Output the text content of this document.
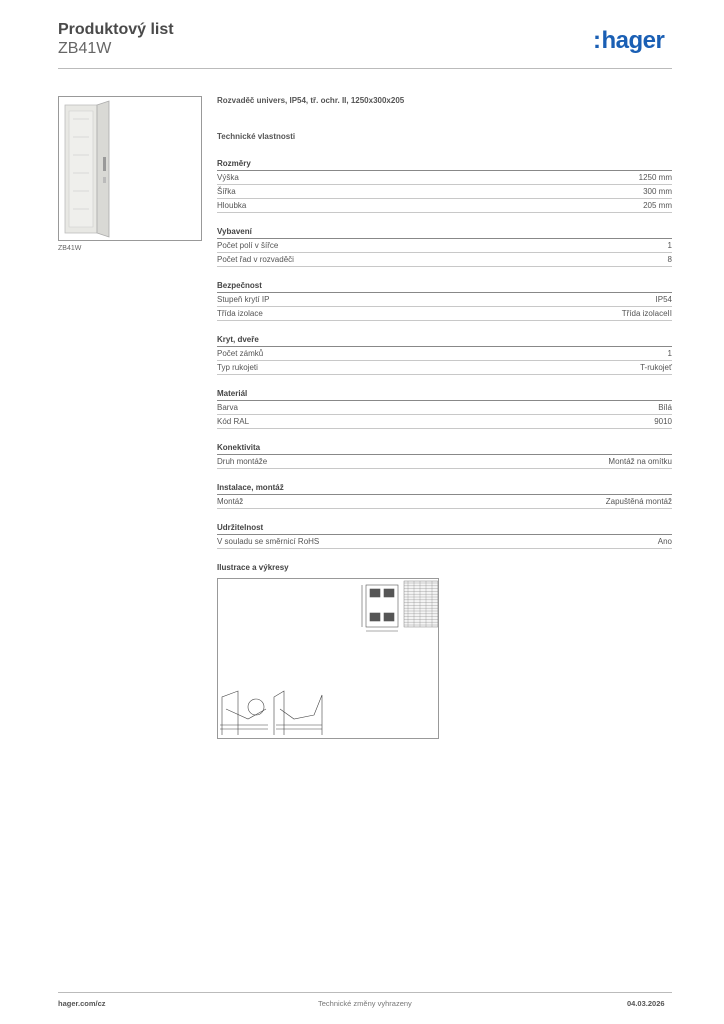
Produktový list
ZB41W	:hager
ZB41W
Rozvaděč univers, IP54, tř. ochr. II, 1250x300x205
Technické vlastnosti
Rozměry
Výška	1250 mm
Šířka	300 mm
Hloubka	205 mm
Vybavení
Počet polí v šířce	1
Počet řad v rozvaděči	8
Bezpečnost
Stupeň krytí IP	IP54
Třída izolace	Třída izolaceII
Kryt, dveře
Počet zámků	1
Typ rukojeti	T-rukojeť
Materiál
Barva	Bílá
Kód RAL	9010
Konektivita
Druh montáže	Montáž na omítku
Instalace, montáž
Montáž	Zapuštěná montáž
Udržitelnost
V souladu se směrnicí RoHS	Ano
Ilustrace a výkresy
hager.com/cz	Technické změny vyhrazeny	04.03.2026
